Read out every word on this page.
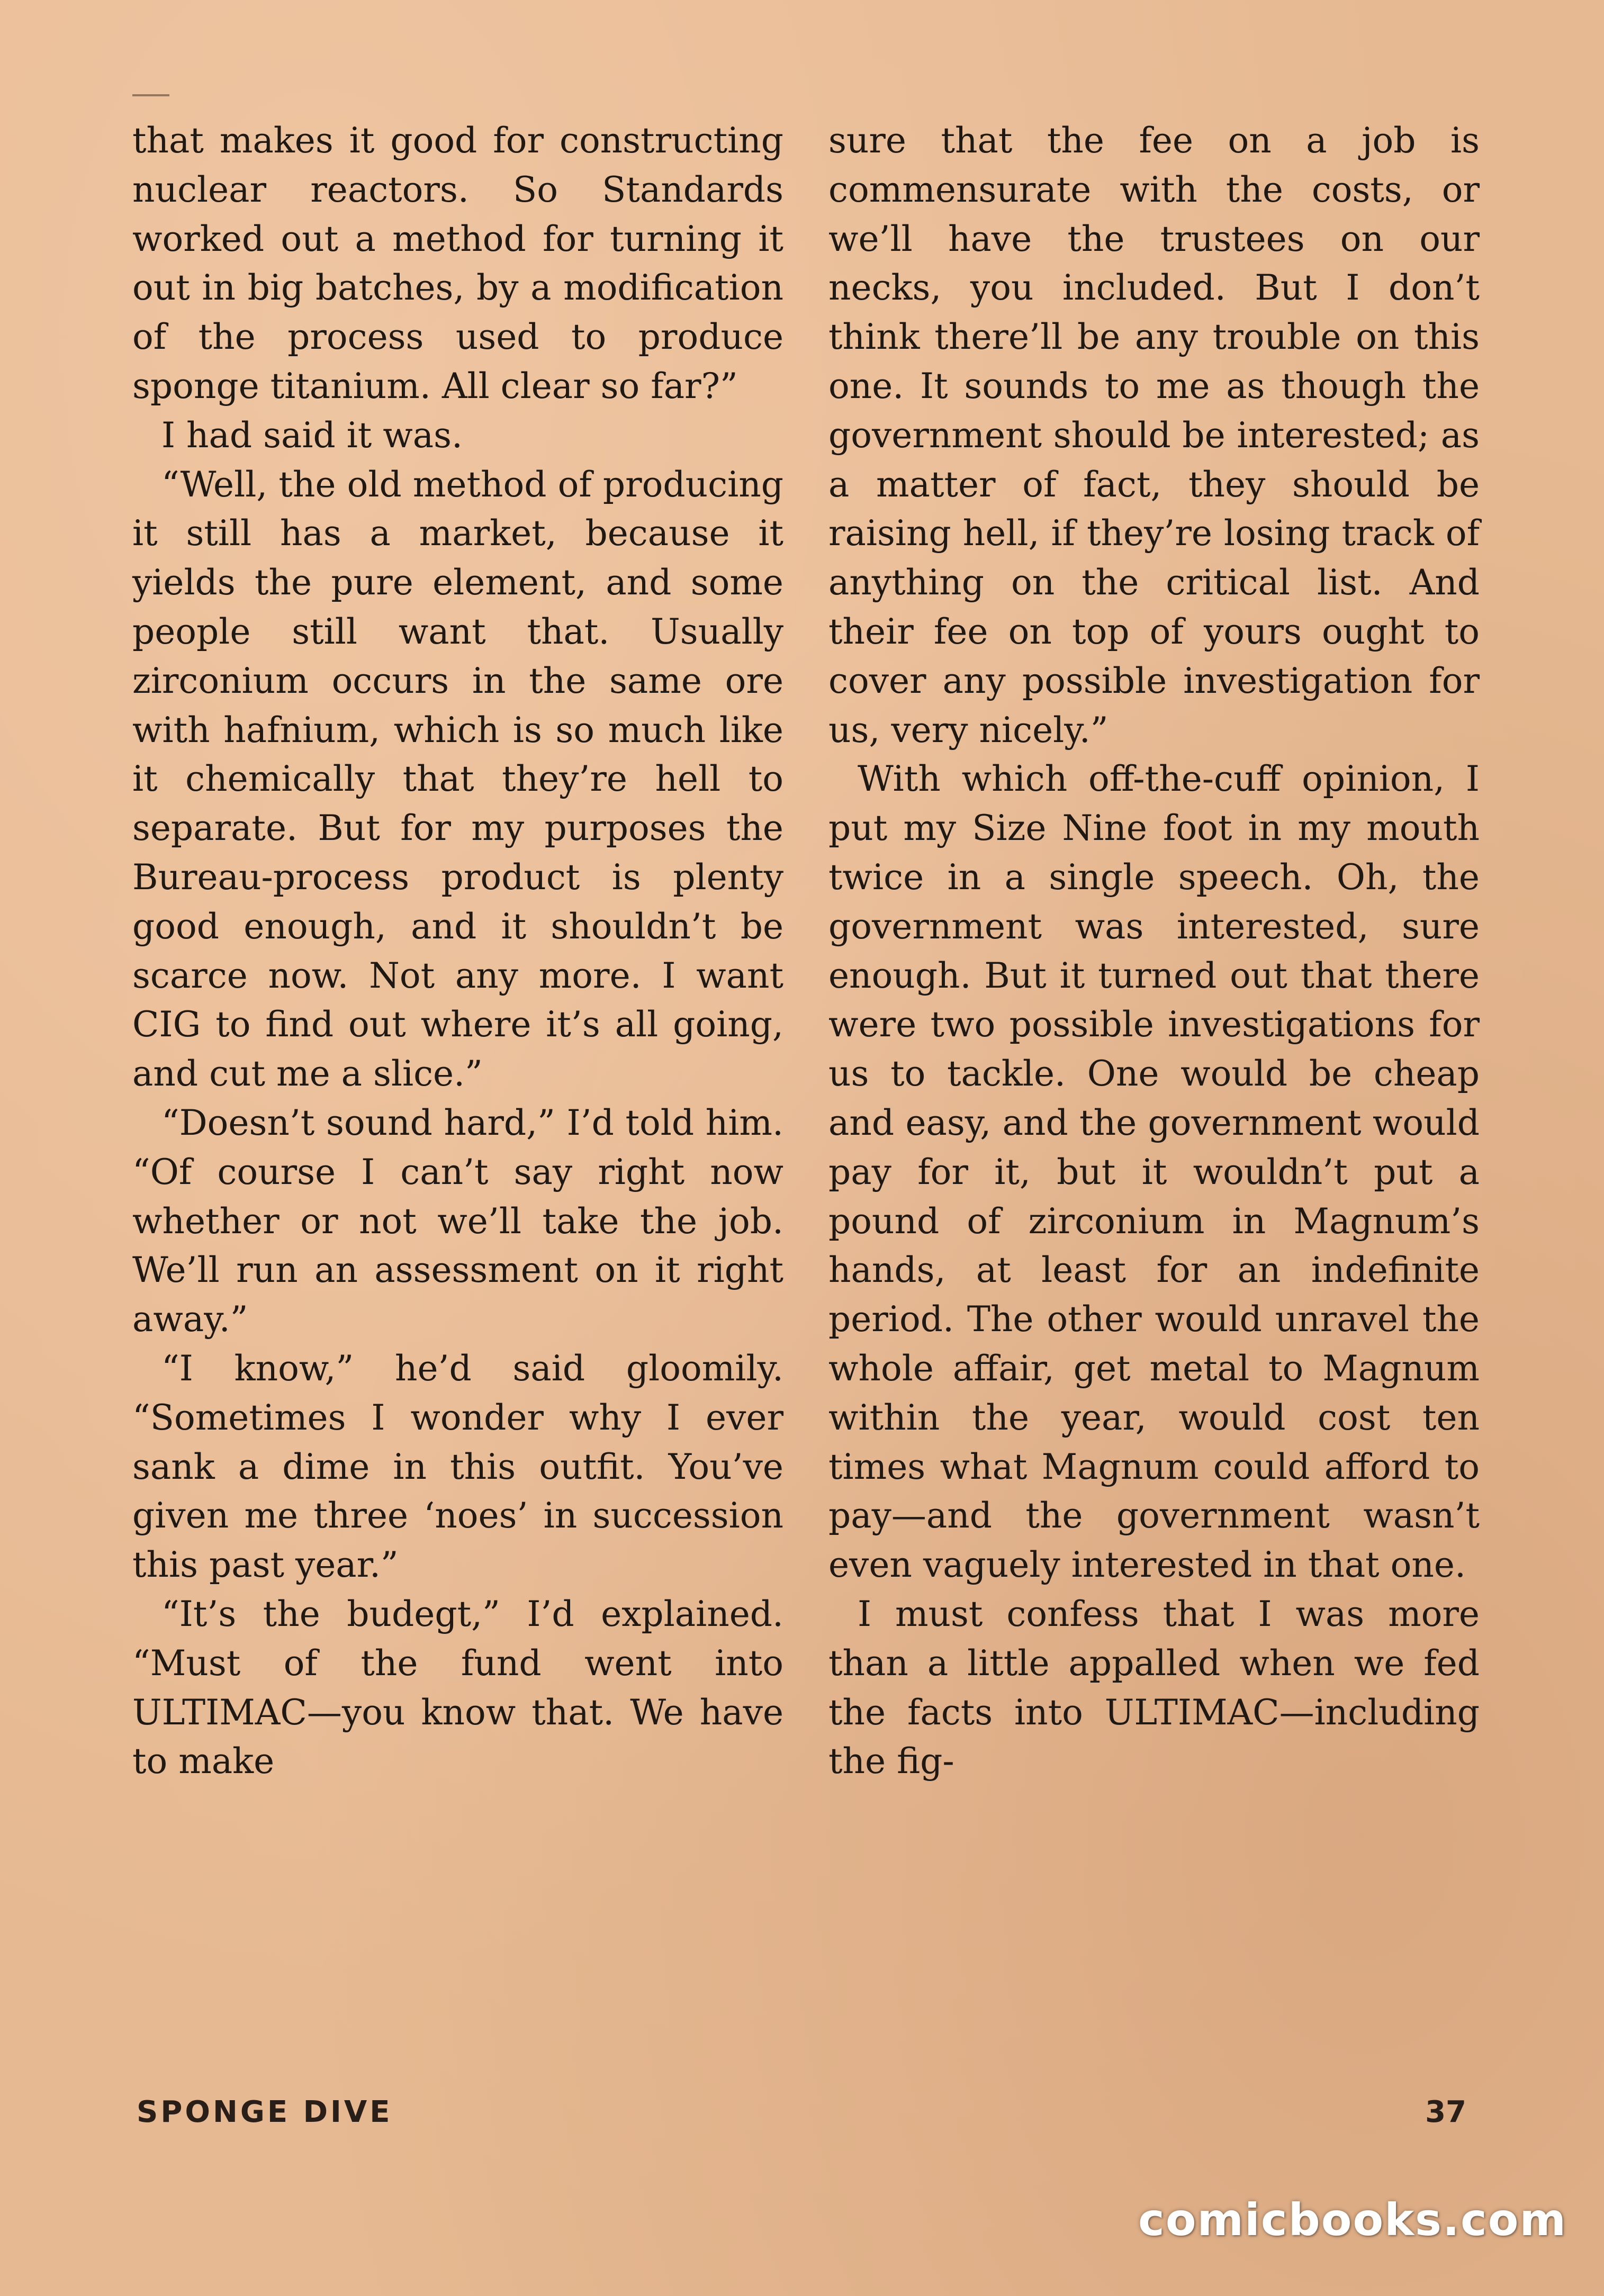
that makes it good for constructing nuclear reactors. So Standards worked out a method for turning it out in big batches, by a modification of the process used to produce sponge titanium. All clear so far?”

I had said it was.

“Well, the old method of producing it still has a market, because it yields the pure element, and some people still want that. Usually zirconium occurs in the same ore with hafnium, which is so much like it chemically that they’re hell to separate. But for my purposes the Bureau-process product is plenty good enough, and it shouldn’t be scarce now. Not any more. I want CIG to find out where it’s all going, and cut me a slice.”

“Doesn’t sound hard,” I’d told him. “Of course I can’t say right now whether or not we’ll take the job. We’ll run an assessment on it right away.”

“I know,” he’d said gloomily. “Sometimes I wonder why I ever sank a dime in this outfit. You’ve given me three ‘noes’ in succession this past year.”

“It’s the budegt,” I’d explained. “Must of the fund went into ULTIMAC—you know that. We have to make

sure that the fee on a job is commensurate with the costs, or we’ll have the trustees on our necks, you included. But I don’t think there’ll be any trouble on this one. It sounds to me as though the government should be interested; as a matter of fact, they should be raising hell, if they’re losing track of anything on the critical list. And their fee on top of yours ought to cover any possible investigation for us, very nicely.”

With which off-the-cuff opinion, I put my Size Nine foot in my mouth twice in a single speech. Oh, the government was interested, sure enough. But it turned out that there were two possible investigations for us to tackle. One would be cheap and easy, and the government would pay for it, but it wouldn’t put a pound of zirconium in Magnum’s hands, at least for an indefinite period. The other would unravel the whole affair, get metal to Magnum within the year, would cost ten times what Magnum could afford to pay—and the government wasn’t even vaguely interested in that one.

I must confess that I was more than a little appalled when we fed the facts into ULTIMAC—including the fig-

SPONGE DIVE	37
comicbooks.com
